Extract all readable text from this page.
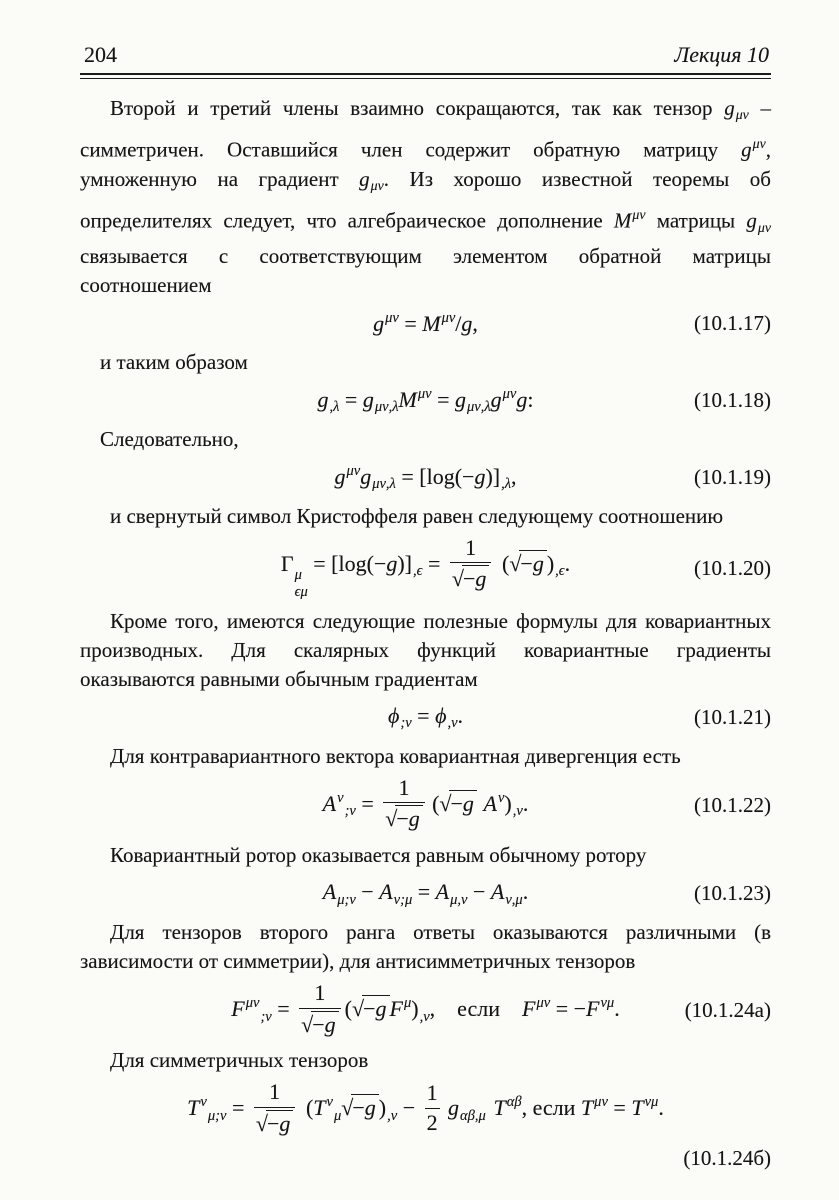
204	Лекция 10

Второй и третий члены взаимно сокращаются, так как тензор gμν – симметричен. Оставшийся член содержит обратную матрицу $g^{\mu\nu}$, умноженную на градиент gμν. Из хорошо известной теоремы об определителях следует, что алгебраическое дополнение $M^{\mu\nu}$ матрицы gμν связывается с соответствующим элементом обратной матрицы соотношением

$g^{\mu\nu} = M^{\mu\nu}/g$,	(10.1.17)

и таким образом

$g,\lambda = g\mu\nu,\lambda M^{\mu\nu} = g\mu\nu,\lambda g^{\mu\nu}g$:	(10.1.18)

Следовательно,

$g^{\mu\nu}g\mu\nu,\lambda = [\log(-g)],\lambda$,	(10.1.19)

и свернутый символ Кристоффеля равен следующему соотношению

Γ μ
ϵμ
= $[\log(-g)],\epsilon = \frac{1}{√ -g}$ ( √ −g ),ϵ.	(10.1.20)

Кроме того, имеются следующие полезные формулы для ковариантных производных. Для скалярных функций ковариантные градиенты оказываются равными обычным градиентам

ϕ;ν = ϕ,ν.	(10.1.21)

Для контравариантного вектора ковариантная дивергенция есть

$A^\nu;\nu = \frac{1}{√ -g}$ ( √ −g $A^\nu),\nu$.	(10.1.22)

Ковариантный ротор оказывается равным обычному ротору

Aμ;ν − Aν;μ = Aμ,ν − Aν,μ.	(10.1.23)

Для тензоров второго ранга ответы оказываются различными (в зависимости от симметрии), для антисимметричных тензоров

$F^{\mu\nu};\nu = \frac{1}{√ -g}$ ( √ −g $F^\mu),\nu$, если $F^{\mu\nu} = -F^{\nu\mu}$.	(10.1.24а)

Для симметричных тензоров

$T^\nu\mu;\nu = \frac{1}{√ -g} (T^\nu\mu$ √ −g )$,\nu - \frac{1}{2} g\alpha\beta,\mu$ $T^{\alpha\beta}$, если $T^{\mu\nu} = T^{\nu\mu}$.
(10.1.24б)
